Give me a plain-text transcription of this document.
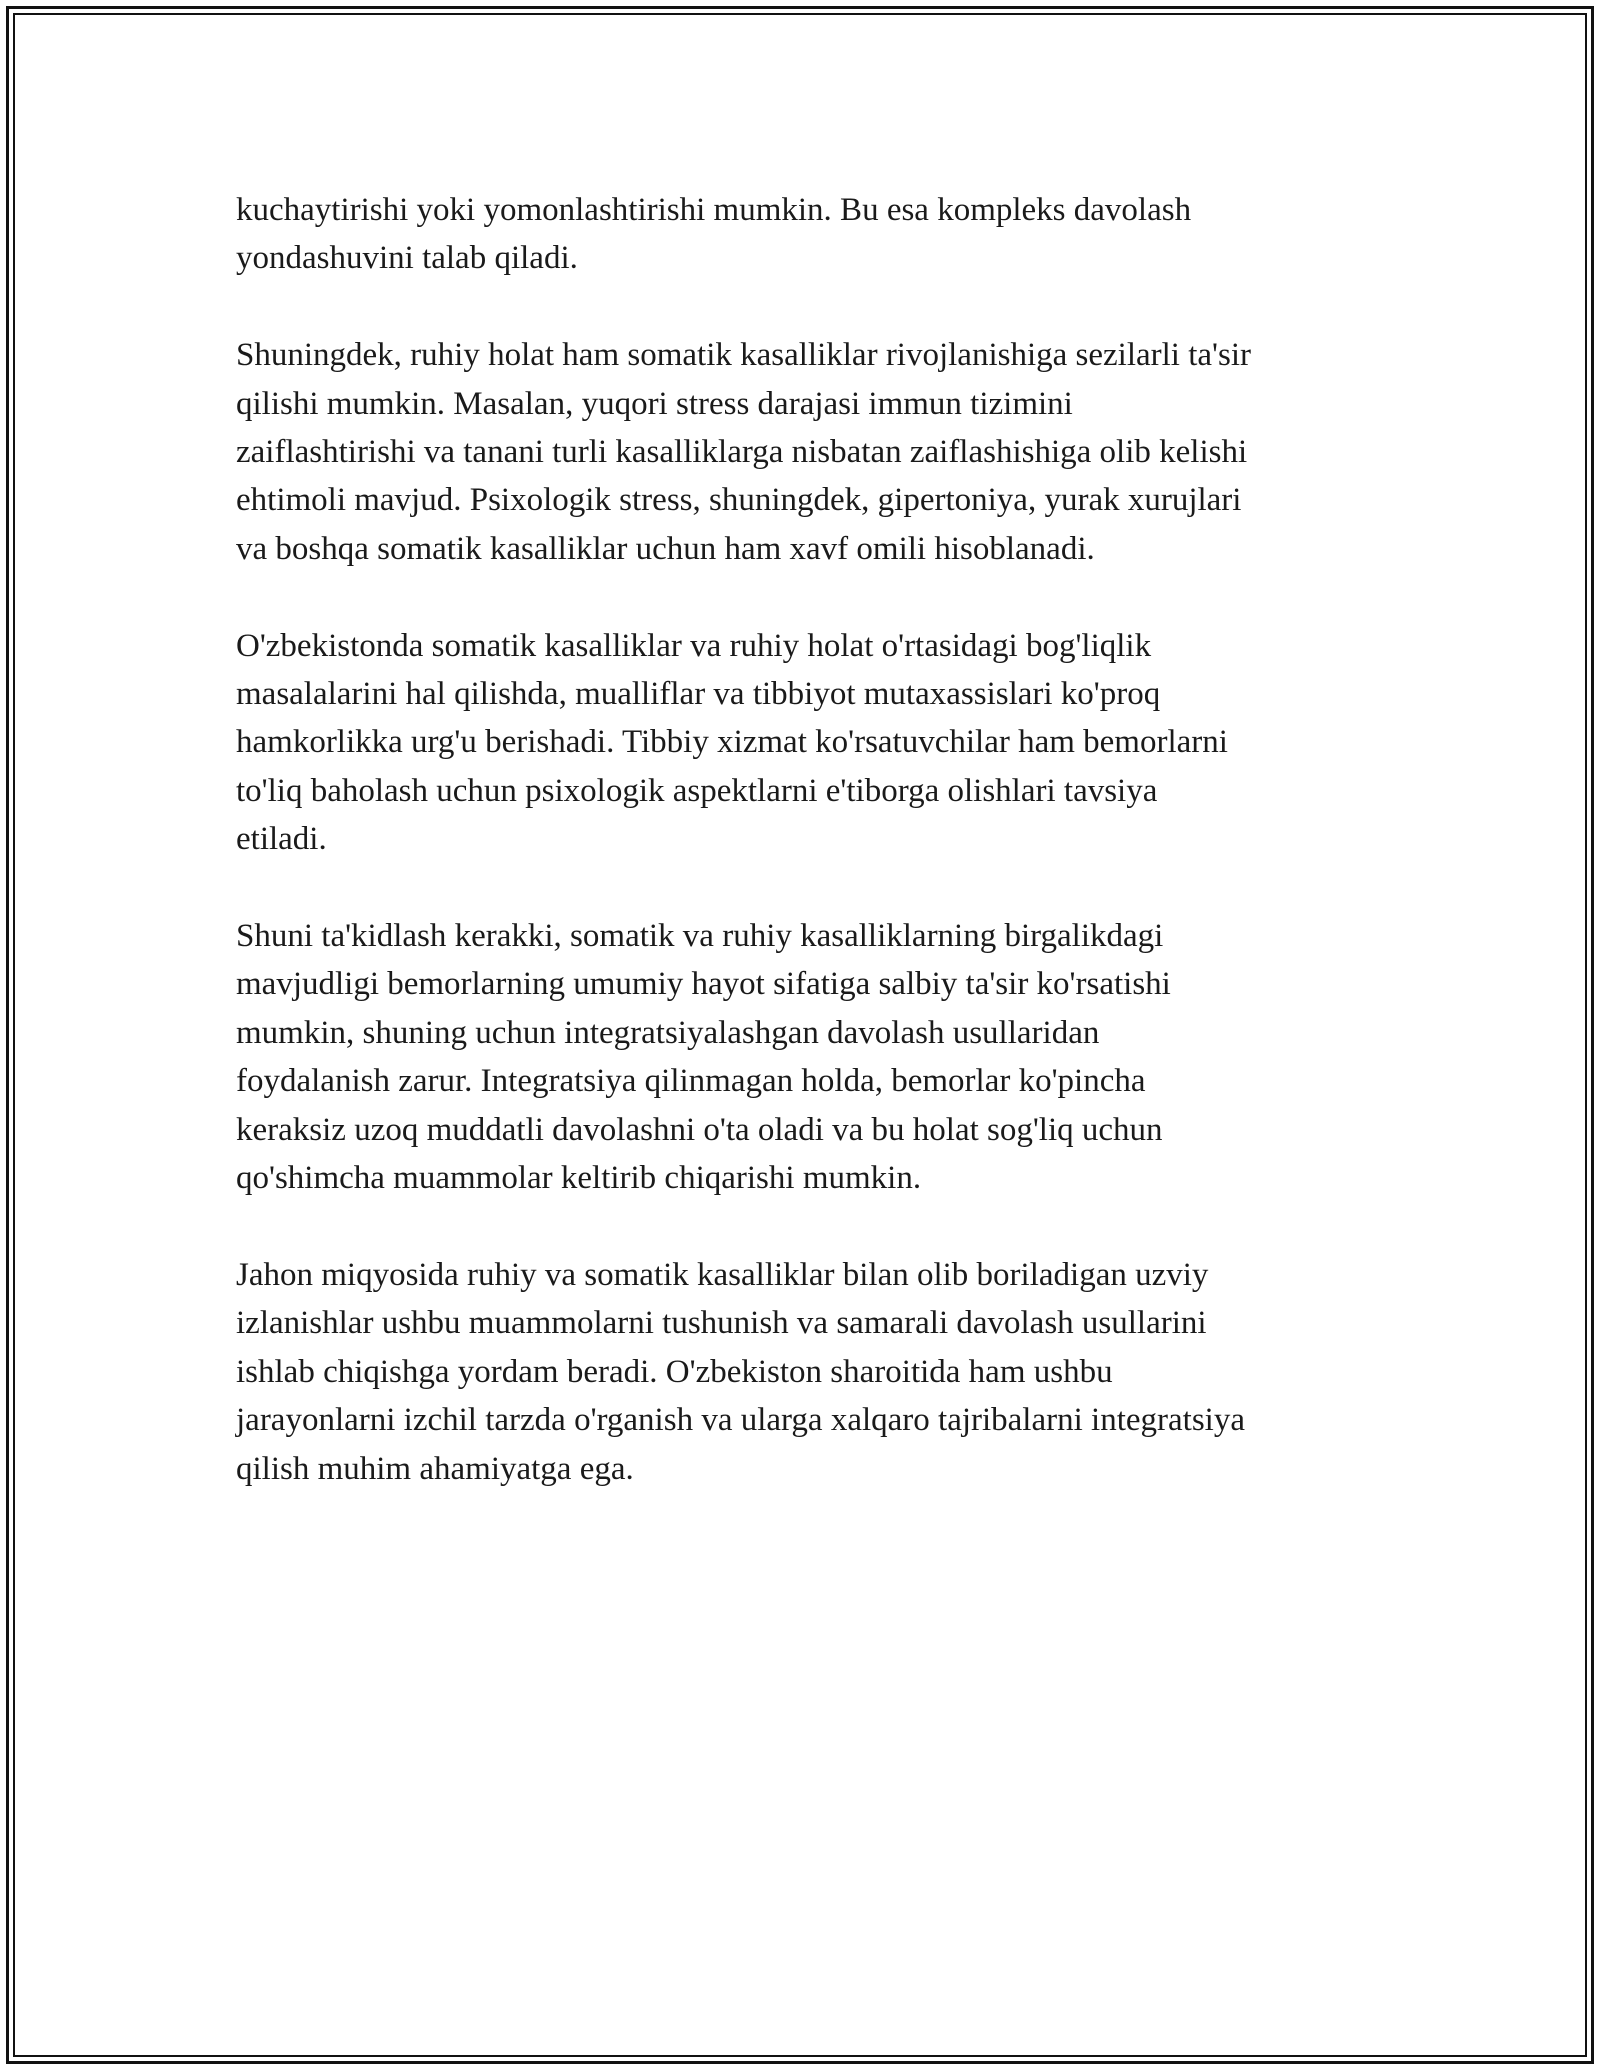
kuchaytirishi yoki yomonlashtirishi mumkin. Bu esa kompleks davolash
yondashuvini talab qiladi.

Shuningdek, ruhiy holat ham somatik kasalliklar rivojlanishiga sezilarli ta'sir
qilishi mumkin. Masalan, yuqori stress darajasi immun tizimini
zaiflashtirishi va tanani turli kasalliklarga nisbatan zaiflashishiga olib kelishi
ehtimoli mavjud. Psixologik stress, shuningdek, gipertoniya, yurak xurujlari
va boshqa somatik kasalliklar uchun ham xavf omili hisoblanadi.

O'zbekistonda somatik kasalliklar va ruhiy holat o'rtasidagi bog'liqlik
masalalarini hal qilishda, mualliflar va tibbiyot mutaxassislari ko'proq
hamkorlikka urg'u berishadi. Tibbiy xizmat ko'rsatuvchilar ham bemorlarni
to'liq baholash uchun psixologik aspektlarni e'tiborga olishlari tavsiya
etiladi.

Shuni ta'kidlash kerakki, somatik va ruhiy kasalliklarning birgalikdagi
mavjudligi bemorlarning umumiy hayot sifatiga salbiy ta'sir ko'rsatishi
mumkin, shuning uchun integratsiyalashgan davolash usullaridan
foydalanish zarur. Integratsiya qilinmagan holda, bemorlar ko'pincha
keraksiz uzoq muddatli davolashni o'ta oladi va bu holat sog'liq uchun
qo'shimcha muammolar keltirib chiqarishi mumkin.

Jahon miqyosida ruhiy va somatik kasalliklar bilan olib boriladigan uzviy
izlanishlar ushbu muammolarni tushunish va samarali davolash usullarini
ishlab chiqishga yordam beradi. O'zbekiston sharoitida ham ushbu
jarayonlarni izchil tarzda o'rganish va ularga xalqaro tajribalarni integratsiya
qilish muhim ahamiyatga ega.
